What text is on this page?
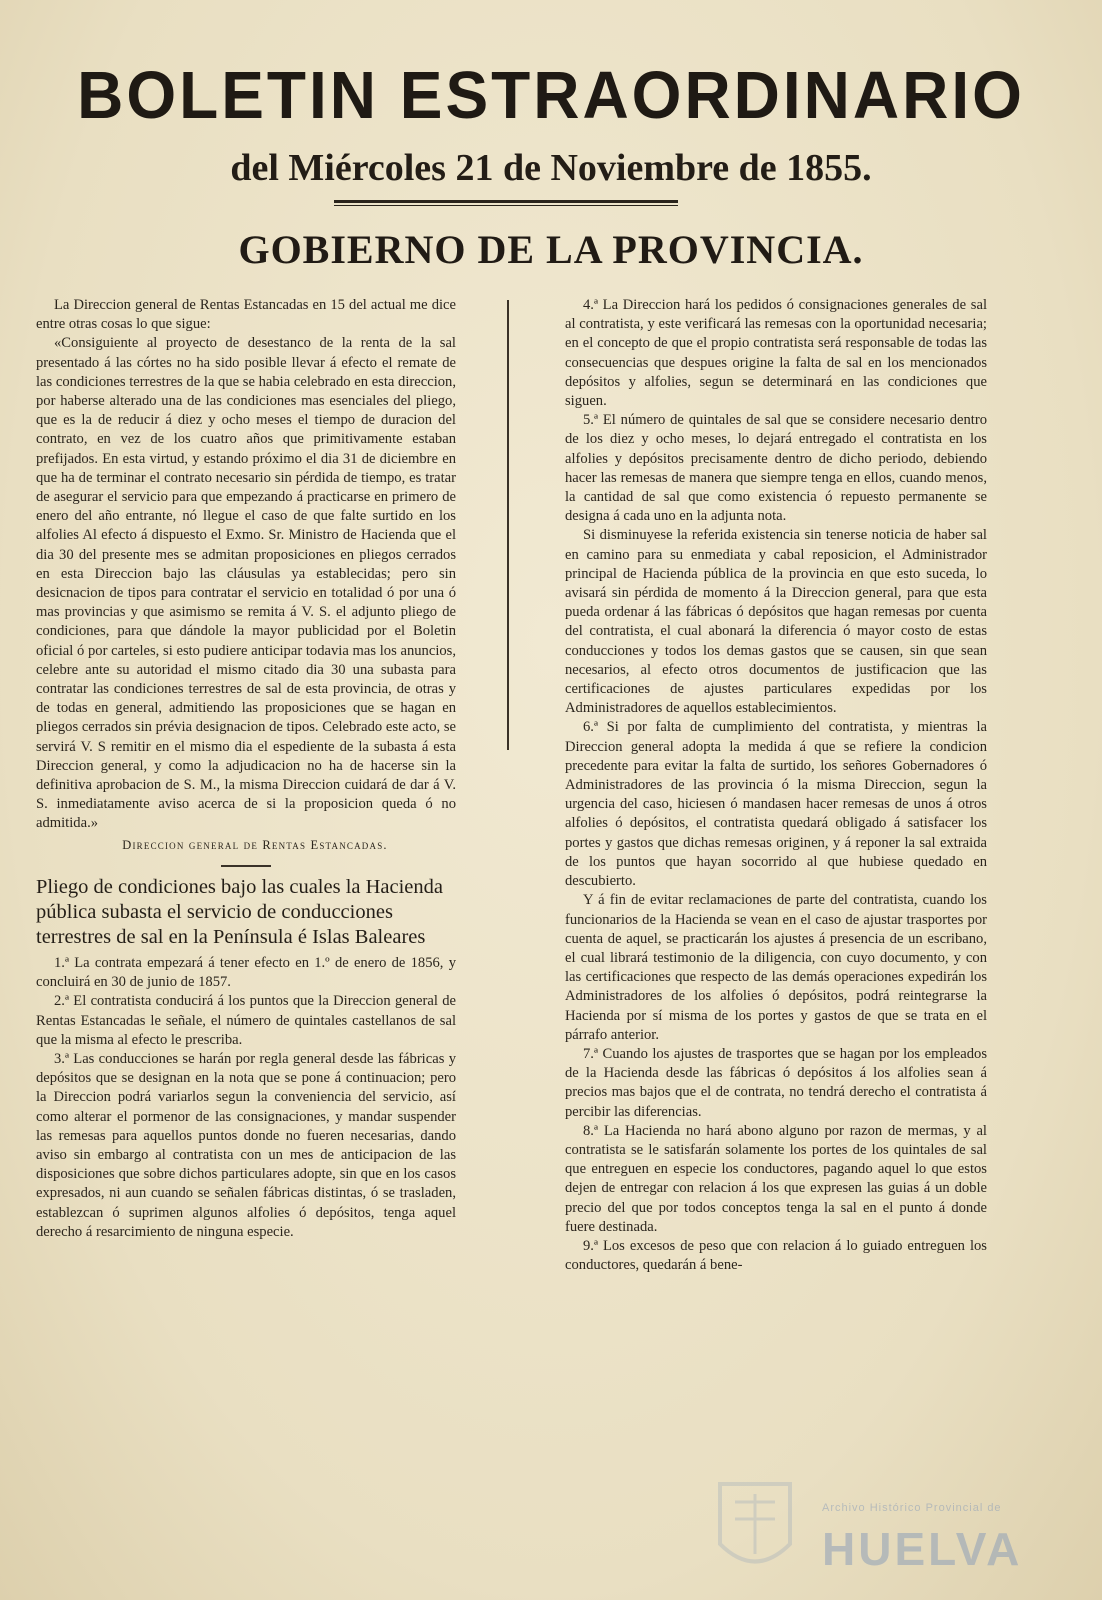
BOLETIN ESTRAORDINARIO
del Miércoles 21 de Noviembre de 1855.
GOBIERNO DE LA PROVINCIA.

La Direccion general de Rentas Estancadas en 15 del actual me dice entre otras cosas lo que sigue:

«Consiguiente al proyecto de desestanco de la renta de la sal presentado á las córtes no ha sido posible llevar á efecto el remate de las condiciones terrestres de la que se habia celebrado en esta direccion, por haberse alterado una de las condiciones mas esenciales del pliego, que es la de reducir á diez y ocho meses el tiempo de duracion del contrato, en vez de los cuatro años que primitivamente estaban prefijados. En esta virtud, y estando próximo el dia 31 de diciembre en que ha de terminar el contrato necesario sin pérdida de tiempo, es tratar de asegurar el servicio para que empezando á practicarse en primero de enero del año entrante, nó llegue el caso de que falte surtido en los alfolies Al efecto á dispuesto el Exmo. Sr. Ministro de Hacienda que el dia 30 del presente mes se admitan proposiciones en pliegos cerrados en esta Direccion bajo las cláusulas ya establecidas; pero sin desicnacion de tipos para contratar el servicio en totalidad ó por una ó mas provincias y que asimismo se remita á V. S. el adjunto pliego de condiciones, para que dándole la mayor publicidad por el Boletin oficial ó por carteles, si esto pudiere anticipar todavia mas los anuncios, celebre ante su autoridad el mismo citado dia 30 una subasta para contratar las condiciones terrestres de sal de esta provincia, de otras y de todas en general, admitiendo las proposiciones que se hagan en pliegos cerrados sin prévia designacion de tipos. Celebrado este acto, se servirá V. S remitir en el mismo dia el espediente de la subasta á esta Direccion general, y como la adjudicacion no ha de hacerse sin la definitiva aprobacion de S. M., la misma Direccion cuidará de dar á V. S. inmediatamente aviso acerca de si la proposicion queda ó no admitida.»

Direccion general de Rentas Estancadas.

Pliego de condiciones bajo las cuales la Hacienda pública subasta el servicio de conducciones terrestres de sal en la Península é Islas Baleares

1.ª La contrata empezará á tener efecto en 1.º de enero de 1856, y concluirá en 30 de junio de 1857.

2.ª El contratista conducirá á los puntos que la Direccion general de Rentas Estancadas le señale, el número de quintales castellanos de sal que la misma al efecto le prescriba.

3.ª Las conducciones se harán por regla general desde las fábricas y depósitos que se designan en la nota que se pone á continuacion; pero la Direccion podrá variarlos segun la conveniencia del servicio, así como alterar el pormenor de las consignaciones, y mandar suspender las remesas para aquellos puntos donde no fueren necesarias, dando aviso sin embargo al contratista con un mes de anticipacion de las disposiciones que sobre dichos particulares adopte, sin que en los casos expresados, ni aun cuando se señalen fábricas distintas, ó se trasladen, establezcan ó suprimen algunos alfolies ó depósitos, tenga aquel derecho á resarcimiento de ninguna especie.

4.ª La Direccion hará los pedidos ó consignaciones generales de sal al contratista, y este verificará las remesas con la oportunidad necesaria; en el concepto de que el propio contratista será responsable de todas las consecuencias que despues origine la falta de sal en los mencionados depósitos y alfolies, segun se determinará en las condiciones que siguen.

5.ª El número de quintales de sal que se considere necesario dentro de los diez y ocho meses, lo dejará entregado el contratista en los alfolies y depósitos precisamente dentro de dicho periodo, debiendo hacer las remesas de manera que siempre tenga en ellos, cuando menos, la cantidad de sal que como existencia ó repuesto permanente se designa á cada uno en la adjunta nota.

Si disminuyese la referida existencia sin tenerse noticia de haber sal en camino para su enmediata y cabal reposicion, el Administrador principal de Hacienda pública de la provincia en que esto suceda, lo avisará sin pérdida de momento á la Direccion general, para que esta pueda ordenar á las fábricas ó depósitos que hagan remesas por cuenta del contratista, el cual abonará la diferencia ó mayor costo de estas conducciones y todos los demas gastos que se causen, sin que sean necesarios, al efecto otros documentos de justificacion que las certificaciones de ajustes particulares expedidas por los Administradores de aquellos establecimientos.

6.ª Si por falta de cumplimiento del contratista, y mientras la Direccion general adopta la medida á que se refiere la condicion precedente para evitar la falta de surtido, los señores Gobernadores ó Administradores de las provincia ó la misma Direccion, segun la urgencia del caso, hiciesen ó mandasen hacer remesas de unos á otros alfolies ó depósitos, el contratista quedará obligado á satisfacer los portes y gastos que dichas remesas originen, y á reponer la sal extraida de los puntos que hayan socorrido al que hubiese quedado en descubierto.

Y á fin de evitar reclamaciones de parte del contratista, cuando los funcionarios de la Hacienda se vean en el caso de ajustar trasportes por cuenta de aquel, se practicarán los ajustes á presencia de un escribano, el cual librará testimonio de la diligencia, con cuyo documento, y con las certificaciones que respecto de las demás operaciones expedirán los Administradores de los alfolies ó depósitos, podrá reintegrarse la Hacienda por sí misma de los portes y gastos de que se trata en el párrafo anterior.

7.ª Cuando los ajustes de trasportes que se hagan por los empleados de la Hacienda desde las fábricas ó depósitos á los alfolies sean á precios mas bajos que el de contrata, no tendrá derecho el contratista á percibir las diferencias.

8.ª La Hacienda no hará abono alguno por razon de mermas, y al contratista se le satisfarán solamente los portes de los quintales de sal que entreguen en especie los conductores, pagando aquel lo que estos dejen de entregar con relacion á los que expresen las guias á un doble precio del que por todos conceptos tenga la sal en el punto á donde fuere destinada.

9.ª Los excesos de peso que con relacion á lo guiado entreguen los conductores, quedarán á bene-

Archivo Histórico Provincial de
HUELVA
